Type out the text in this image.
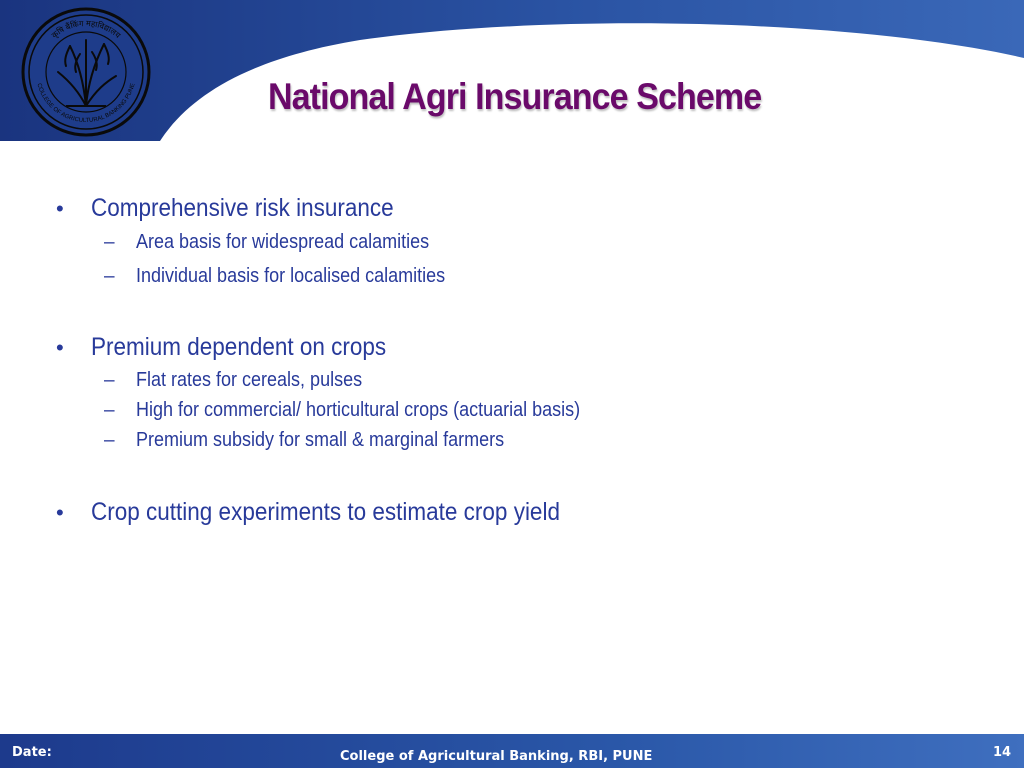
कृषि बैंकिंग महाविद्यालय
COLLEGE OF AGRICULTURAL BANKING PUNE	National Agri Insurance Scheme
• Comprehensive risk insurance
– Area basis for widespread calamities
– Individual basis for localised calamities
• Premium dependent on crops
– Flat rates for cereals, pulses
– High for commercial/ horticultural crops (actuarial basis)
– Premium subsidy for small & marginal farmers
• Crop cutting experiments to estimate crop yield
Date:	College of Agricultural Banking, RBI, PUNE	14
